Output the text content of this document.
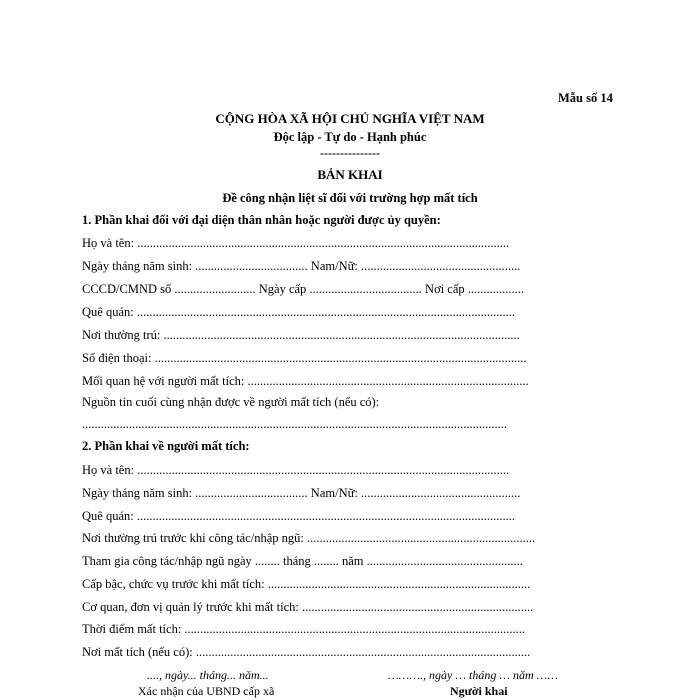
Mẫu số 14
CỘNG HÒA XÃ HỘI CHỦ NGHĨA VIỆT NAM
Độc lập - Tự do - Hạnh phúc
---------------
BẢN KHAI
Đề công nhận liệt sĩ đối với trường hợp mất tích
1. Phần khai đối với đại diện thân nhân hoặc người được ủy quyền:
Họ và tên: .......................................................................................................................
Ngày tháng năm sinh: .................................... Nam/Nữ: ...................................................
CCCD/CMND số .......................... Ngày cấp .................................... Nơi cấp ..................
Quê quán: .........................................................................................................................
Nơi thường trú: ..................................................................................................................
Số điện thoại: .......................................................................................................................
Mối quan hệ với người mất tích: ..........................................................................................
Nguồn tin cuối cùng nhận được về người mất tích (nếu có):
........................................................................................................................................
2. Phần khai về người mất tích:
Họ và tên: .......................................................................................................................
Ngày tháng năm sinh: .................................... Nam/Nữ: ...................................................
Quê quán: .........................................................................................................................
Nơi thường trú trước khi công tác/nhập ngũ: .........................................................................
Tham gia công tác/nhập ngũ ngày ........ tháng ........ năm ..................................................
Cấp bậc, chức vụ trước khi mất tích: ....................................................................................
Cơ quan, đơn vị quản lý trước khi mất tích: ..........................................................................
Thời điểm mất tích: .............................................................................................................
Nơi mất tích (nếu có): ...........................................................................................................
...., ngày... tháng... năm...
Xác nhận của UBND cấp xã
………., ngày … tháng … năm ……
Người khai
